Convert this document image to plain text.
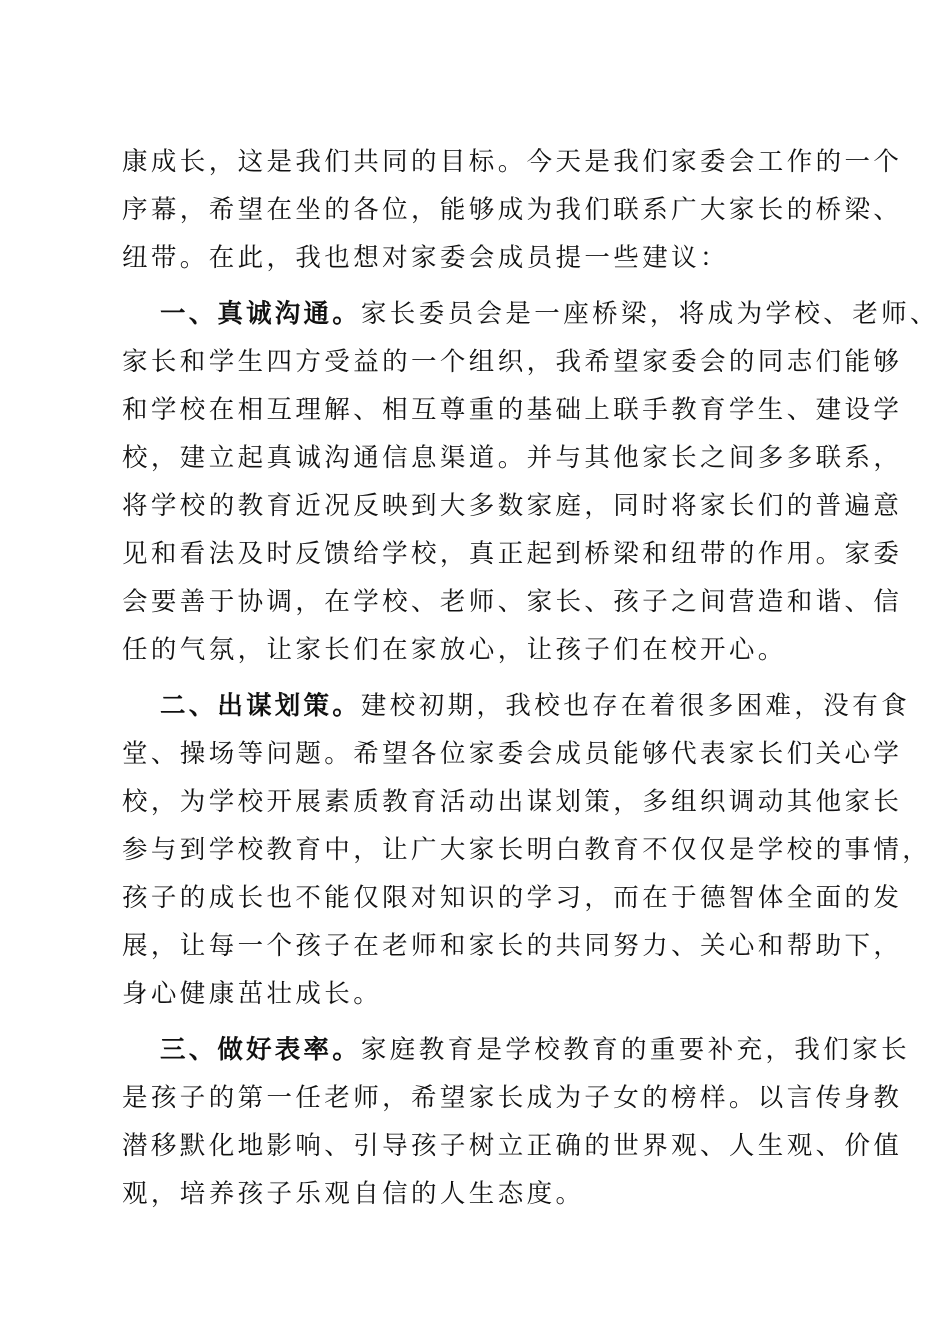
康成长，这是我们共同的目标。今天是我们家委会工作的一个
序幕，希望在坐的各位，能够成为我们联系广大家长的桥梁、
纽带。在此，我也想对家委会成员提一些建议：
一、真诚沟通。家长委员会是一座桥梁，将成为学校、老师、
家长和学生四方受益的一个组织，我希望家委会的同志们能够
和学校在相互理解、相互尊重的基础上联手教育学生、建设学
校，建立起真诚沟通信息渠道。并与其他家长之间多多联系，
将学校的教育近况反映到大多数家庭，同时将家长们的普遍意
见和看法及时反馈给学校，真正起到桥梁和纽带的作用。家委
会要善于协调，在学校、老师、家长、孩子之间营造和谐、信
任的气氛，让家长们在家放心，让孩子们在校开心。
二、出谋划策。建校初期，我校也存在着很多困难，没有食
堂、操场等问题。希望各位家委会成员能够代表家长们关心学
校，为学校开展素质教育活动出谋划策，多组织调动其他家长
参与到学校教育中，让广大家长明白教育不仅仅是学校的事情，
孩子的成长也不能仅限对知识的学习，而在于德智体全面的发
展，让每一个孩子在老师和家长的共同努力、关心和帮助下，
身心健康茁壮成长。
三、做好表率。家庭教育是学校教育的重要补充，我们家长
是孩子的第一任老师，希望家长成为子女的榜样。以言传身教
潜移默化地影响、引导孩子树立正确的世界观、人生观、价值
观，培养孩子乐观自信的人生态度。
